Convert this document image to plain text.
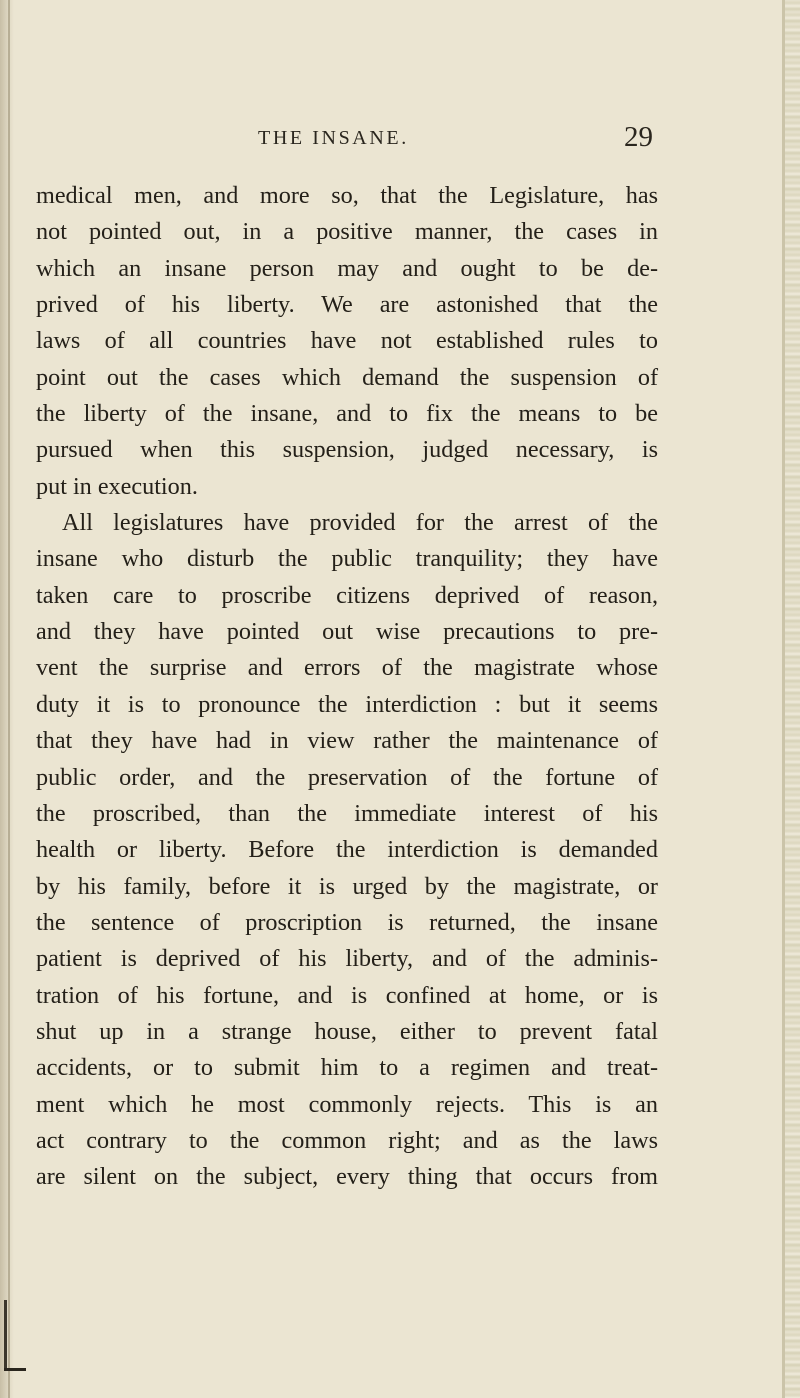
THE INSANE.	29
medical men, and more so, that the Legislature, has
not pointed out, in a positive manner, the cases in
which an insane person may and ought to be de-
prived of his liberty. We are astonished that the
laws of all countries have not established rules to
point out the cases which demand the suspension of
the liberty of the insane, and to fix the means to be
pursued when this suspension, judged necessary, is
put in execution.
All legislatures have provided for the arrest of the
insane who disturb the public tranquility; they have
taken care to proscribe citizens deprived of reason,
and they have pointed out wise precautions to pre-
vent the surprise and errors of the magistrate whose
duty it is to pronounce the interdiction : but it seems
that they have had in view rather the maintenance of
public order, and the preservation of the fortune of
the proscribed, than the immediate interest of his
health or liberty. Before the interdiction is demanded
by his family, before it is urged by the magistrate, or
the sentence of proscription is returned, the insane
patient is deprived of his liberty, and of the adminis-
tration of his fortune, and is confined at home, or is
shut up in a strange house, either to prevent fatal
accidents, or to submit him to a regimen and treat-
ment which he most commonly rejects. This is an
act contrary to the common right; and as the laws
are silent on the subject, every thing that occurs from
